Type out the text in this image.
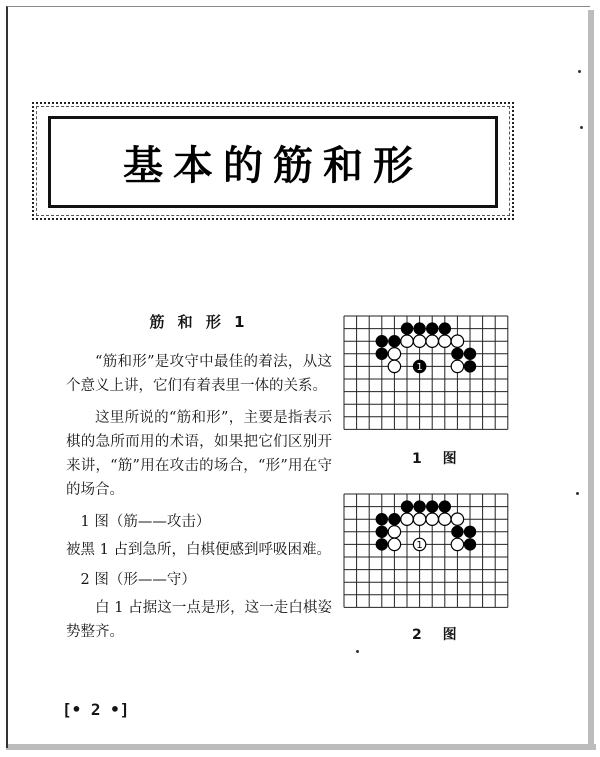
基本的筋和形
筋 和 形 1

“筋和形”是攻守中最佳的着法，从这个意义上讲，它们有着表里一体的关系。

这里所说的“筋和形”，主要是指表示棋的急所而用的术语，如果把它们区别开来讲，“筋”用在攻击的场合，“形”用在守的场合。

1 图（筋——攻击）

被黑 1 占到急所，白棋便感到呼吸困难。

2 图（形——守）

白 1 占据这一点是形，这一走白棋姿势整齐。

1
1 图
1
2 图
[• 2 •]
